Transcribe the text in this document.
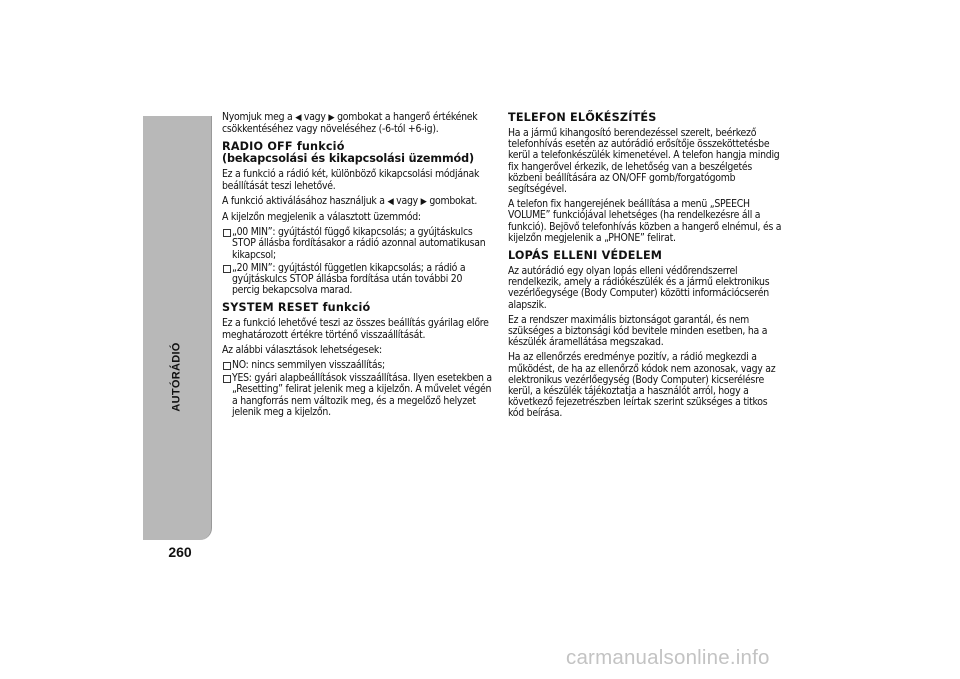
AUTÓRÁDIÓ
260

Nyomjuk meg a ◀ vagy ▶ gombokat a hangerő értékének csökkentéséhez vagy növeléséhez (-6-tól +6-ig).

RADIO OFF funkció
(bekapcsolási és kikapcsolási üzemmód)

Ez a funkció a rádió két, különböző kikapcsolási módjának beállítását teszi lehetővé.

A funkció aktiválásához használjuk a ◀ vagy ▶ gombokat.

A kijelzőn megjelenik a választott üzemmód:

„00 MIN”: gyújtástól függő kikapcsolás; a gyújtáskulcs STOP állásba fordításakor a rádió azonnal automatikusan kikapcsol;
„20 MIN”: gyújtástól független kikapcsolás; a rádió a gyújtáskulcs STOP állásba fordítása után további 20 percig bekapcsolva marad.
SYSTEM RESET funkció

Ez a funkció lehetővé teszi az összes beállítás gyárilag előre meghatározott értékre történő visszaállítását.

Az alábbi választások lehetségesek:

NO: nincs semmilyen visszaállítás;
YES: gyári alapbeállítások visszaállítása. Ilyen esetekben a „Resetting” felirat jelenik meg a kijelzőn. A művelet végén a hangforrás nem változik meg, és a megelőző helyzet jelenik meg a kijelzőn.
TELEFON ELŐKÉSZÍTÉS

Ha a jármű kihangosító berendezéssel szerelt, beérkező telefonhívás esetén az autórádió erősítője összeköttetésbe kerül a telefonkészülék kimenetével. A telefon hangja mindig fix hangerővel érkezik, de lehetőség van a beszélgetés közbeni beállítására az ON/OFF gomb/forgatógomb segítségével.

A telefon fix hangerejének beállítása a menü „SPEECH VOLUME” funkciójával lehetséges (ha rendelkezésre áll a funkció). Bejövő telefonhívás közben a hangerő elnémul, és a kijelzőn megjelenik a „PHONE” felirat.

LOPÁS ELLENI VÉDELEM

Az autórádió egy olyan lopás elleni védőrendszerrel rendelkezik, amely a rádiókészülék és a jármű elektronikus vezérlőegysége (Body Computer) közötti információcserén alapszik.

Ez a rendszer maximális biztonságot garantál, és nem szükséges a biztonsági kód bevitele minden esetben, ha a készülék áramellátása megszakad.

Ha az ellenőrzés eredménye pozitív, a rádió megkezdi a működést, de ha az ellenőrző kódok nem azonosak, vagy az elektronikus vezérlőegység (Body Computer) kicserélésre kerül, a készülék tájékoztatja a használót arról, hogy a következő fejezetrészben leírtak szerint szükséges a titkos kód beírása.

carmanualsonline.info
